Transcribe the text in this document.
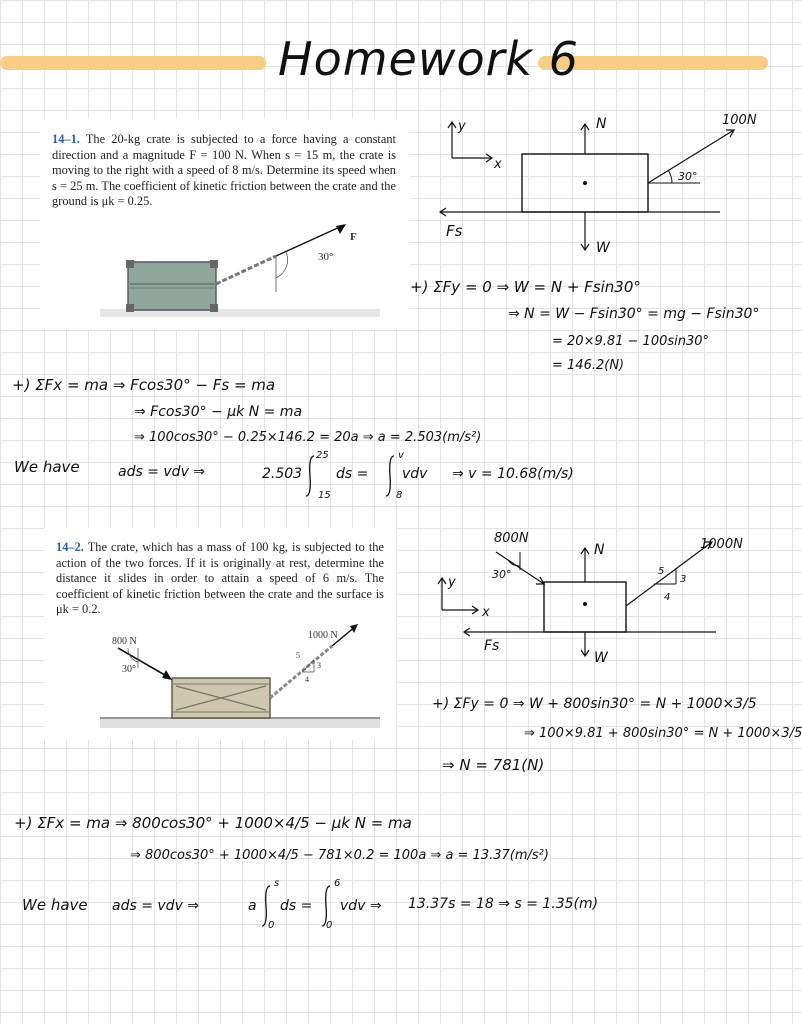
Homework 6
14–1. The 20-kg crate is subjected to a force having a constant direction and a magnitude F = 100 N. When s = 15 m, the crate is moving to the right with a speed of 8 m/s. Determine its speed when s = 25 m. The coefficient of kinetic friction between the crate and the ground is μk = 0.25.
30°
F
y
x
N
W
Fs
30°
100N
+) ΣFy = 0 ⇒ W = N + Fsin30°
⇒ N = W − Fsin30° = mg − Fsin30°
= 20×9.81 − 100sin30°
= 146.2(N)
+) ΣFx = ma ⇒ Fcos30° − Fs = ma
⇒ Fcos30° − μk N = ma
⇒ 100cos30° − 0.25×146.2 = 20a ⇒ a = 2.503(m/s²)
We have	ads = vdv ⇒	2.503
25
15
ds =
v
8
vdv ⇒ v = 10.68(m/s)
14–2. The crate, which has a mass of 100 kg, is subjected to the action of the two forces. If it is originally at rest, determine the distance it slides in order to attain a speed of 6 m/s. The coefficient of kinetic friction between the crate and the surface is μk = 0.2.
800 N
30°
1000 N
5
3
4
y
x
N
W
Fs
800N
30°	5
3
4
1000N
+) ΣFy = 0 ⇒ W + 800sin30° = N + 1000×3/5
⇒ 100×9.81 + 800sin30° = N + 1000×3/5
⇒ N = 781(N)
+) ΣFx = ma ⇒ 800cos30° + 1000×4/5 − μk N = ma
⇒ 800cos30° + 1000×4/5 − 781×0.2 = 100a ⇒ a = 13.37(m/s²)
We have ads = vdv ⇒	a
s
0
ds =
6
0
vdv ⇒ 13.37s = 18 ⇒ s = 1.35(m)
